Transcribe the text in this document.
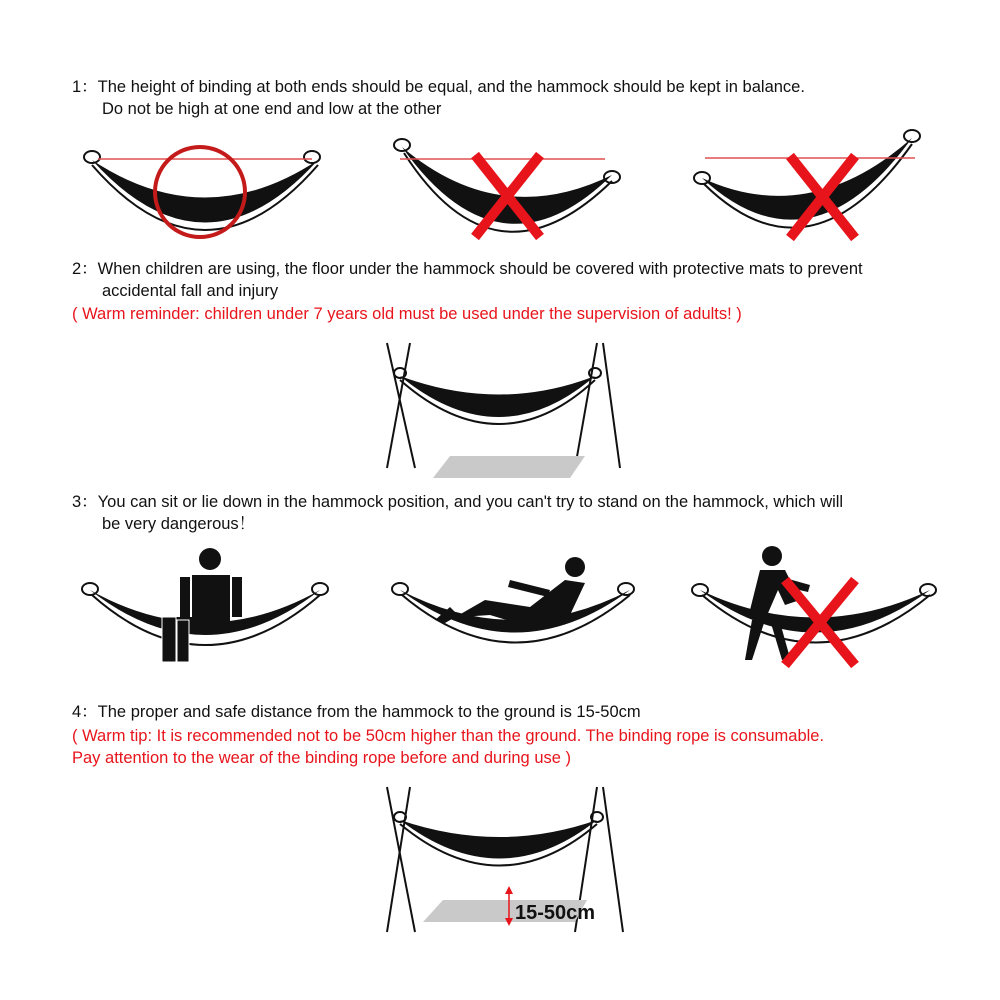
1：The height of binding at both ends should be equal, and the hammock should be kept in balance.
Do not be high at one end and low at the other
2：When children are using, the floor under the hammock should be covered with protective mats to prevent
accidental fall and injury
( Warm reminder: children under 7 years old must be used under the supervision of adults! )
3：You can sit or lie down in the hammock position, and you can't try to stand on the hammock, which will
be very dangerous！
4：The proper and safe distance from the hammock to the ground is 15-50cm
( Warm tip: It is recommended not to be 50cm higher than the ground. The binding rope is consumable.
Pay attention to the wear of the binding rope before and during use )
15-50cm
